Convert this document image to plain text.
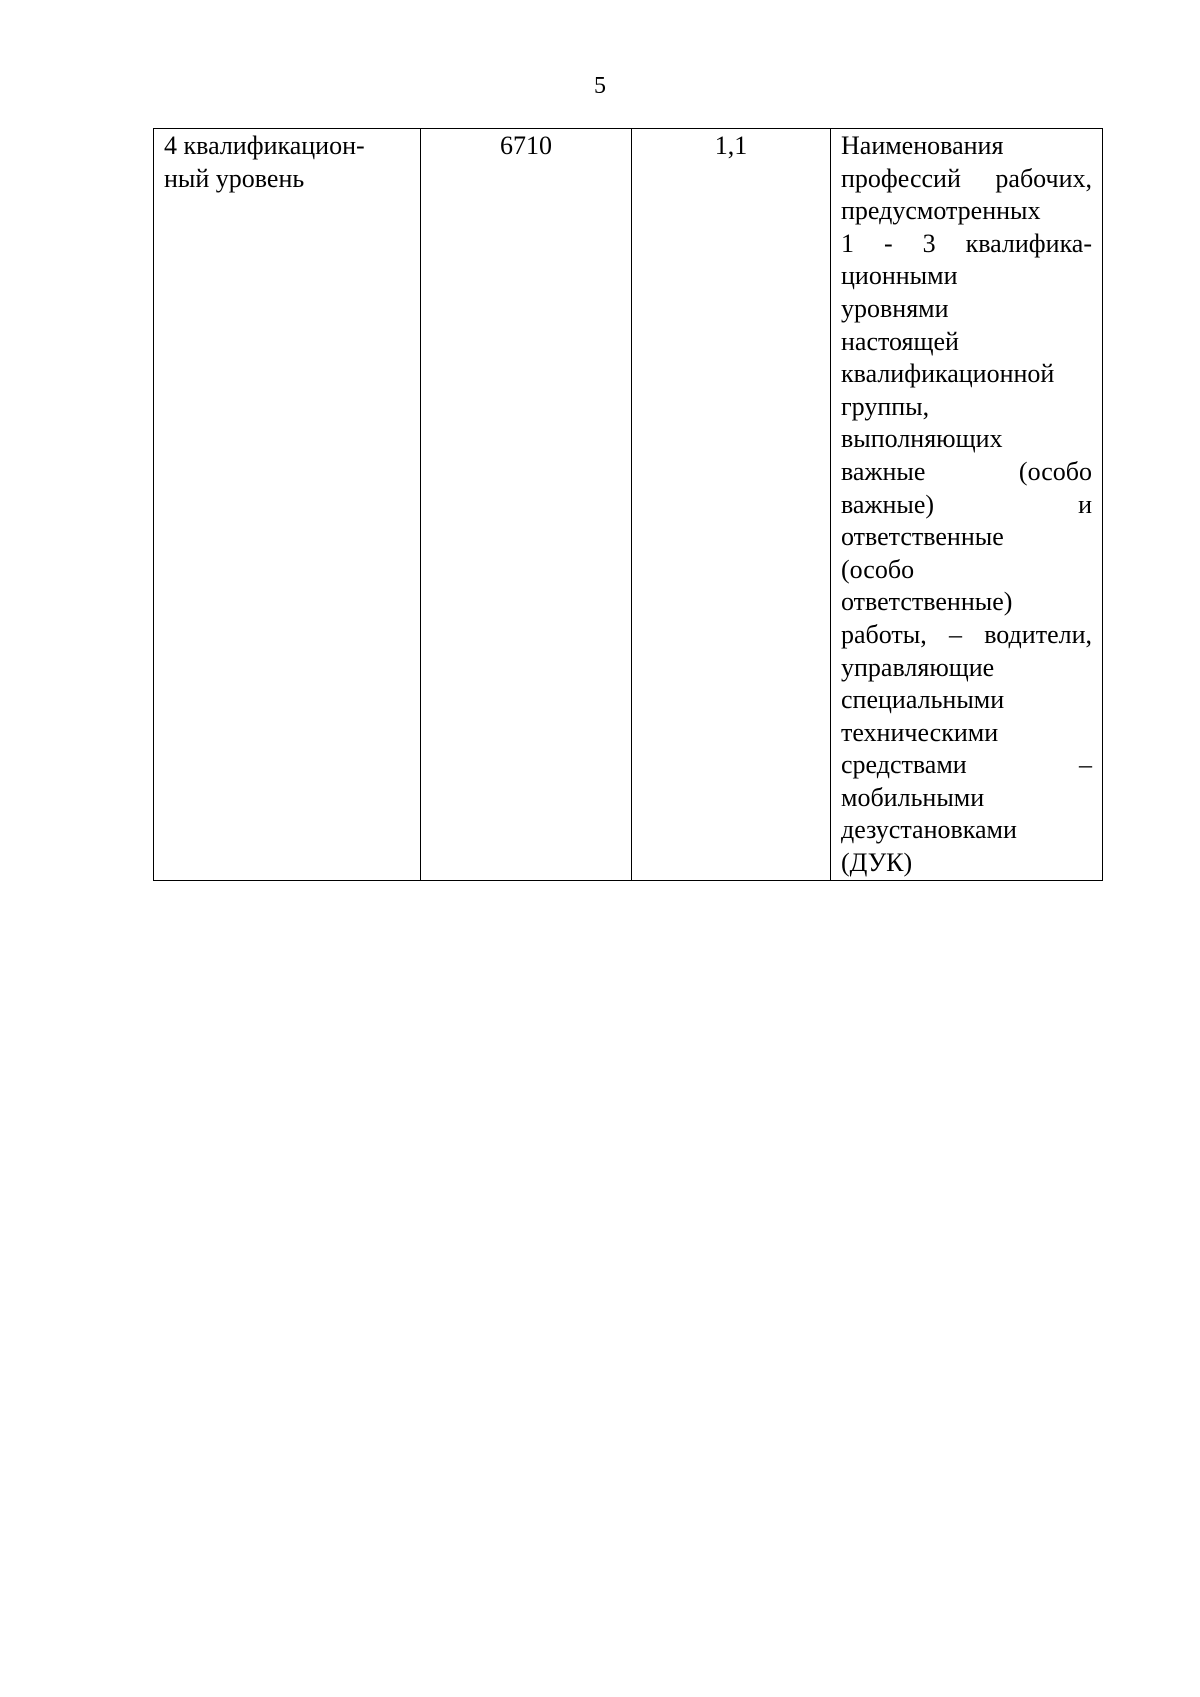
5
4 квалификацион-
ный уровень	6710	1,1	Наименования
профессий рабочих,
предусмотренных
1 - 3 квалифика-
ционными
уровнями
настоящей
квалификационной
группы,
выполняющих
важные (особо
важные) и
ответственные
(особо
ответственные)
работы, – водители,
управляющие
специальными
техническими
средствами –
мобильными
дезустановками
(ДУК)
